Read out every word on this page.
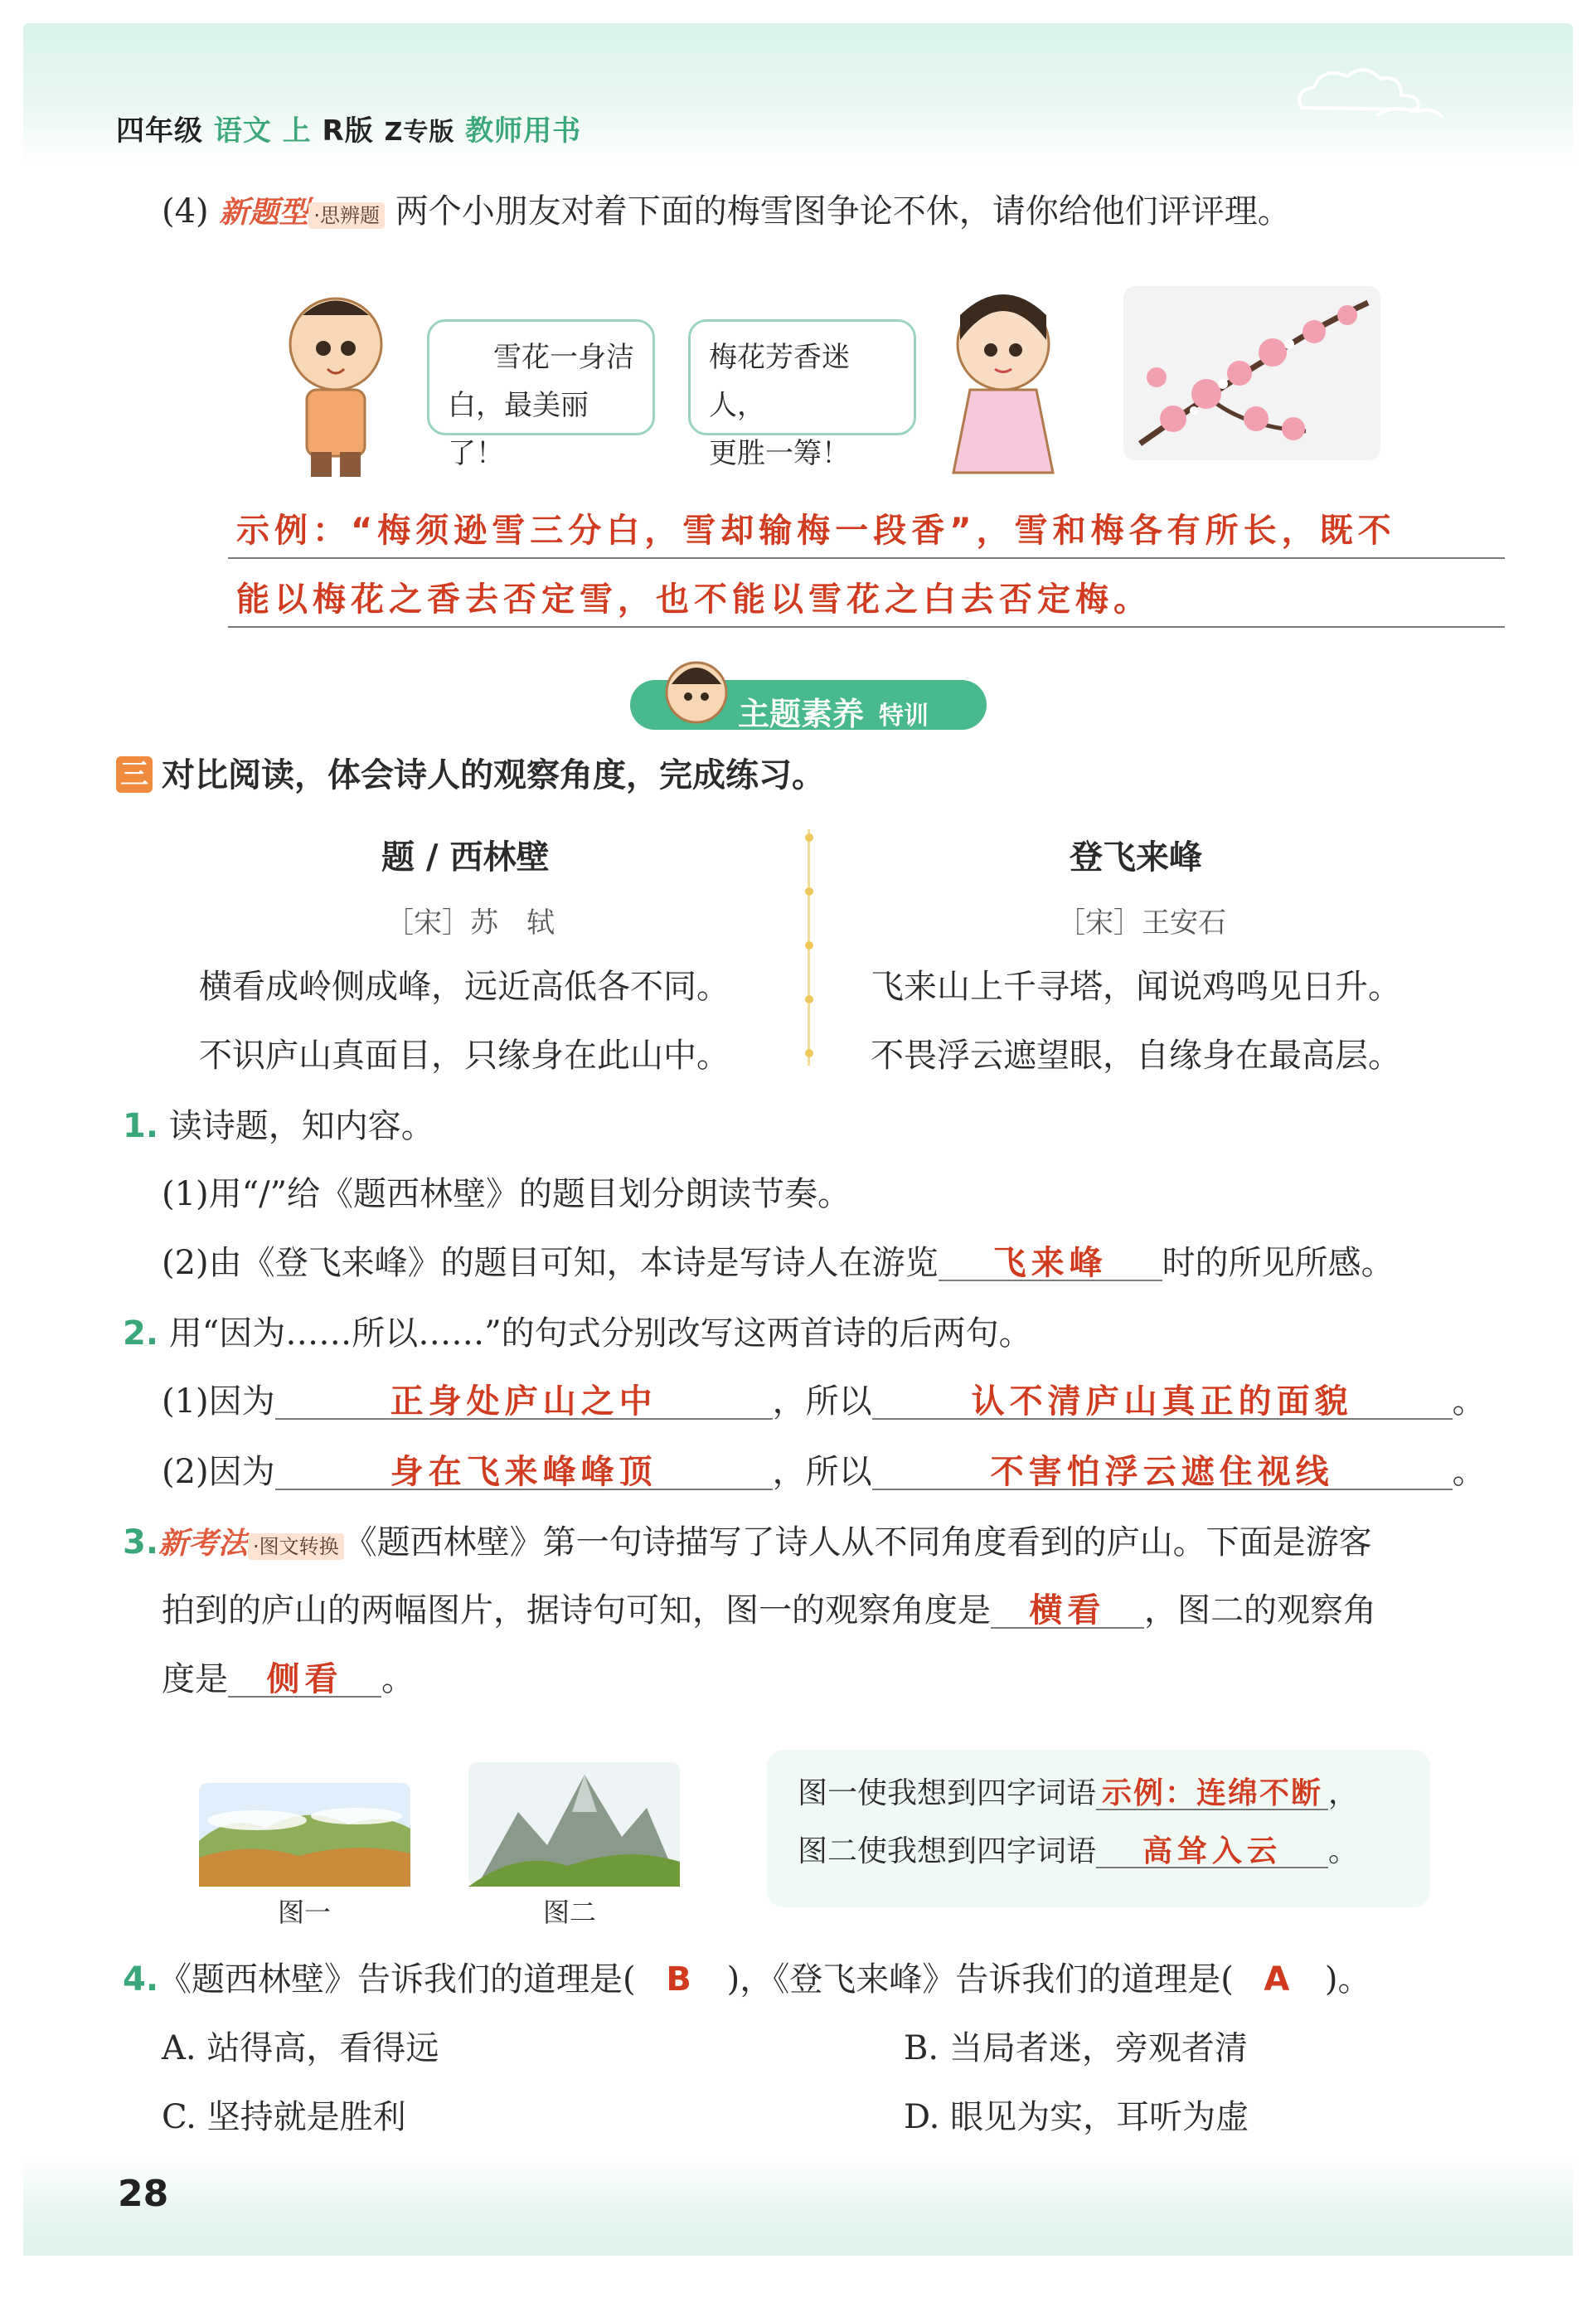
四年级 语文 上 R版 Z专版 教师用书
(4) 新题型 ·思辨题 两个小朋友对着下面的梅雪图争论不休，请你给他们评评理。
雪花一身洁
白，最美丽了！
梅花芳香迷人，
更胜一筹！
示例：“梅须逊雪三分白，雪却输梅一段香”，雪和梅各有所长，既不
能以梅花之香去否定雪，也不能以雪花之白去否定梅。
主题素养 特训
三 对比阅读，体会诗人的观察角度，完成练习。
题 / 西林壁
［宋］苏　轼
横看成岭侧成峰，远近高低各不同。
不识庐山真面目，只缘身在此山中。
登飞来峰
［宋］王安石
飞来山上千寻塔，闻说鸡鸣见日升。
不畏浮云遮望眼，自缘身在最高层。
1. 读诗题，知内容。
(1)用“/”给《题西林壁》的题目划分朗读节奏。
(2)由《登飞来峰》的题目可知，本诗是写诗人在游览 飞来峰 时的所见所感。
2. 用“因为……所以……”的句式分别改写这两首诗的后两句。
(1)因为	正身处庐山之中	，所以	认不清庐山真正的面貌	。
(2)因为	身在飞来峰峰顶	，所以	不害怕浮云遮住视线	。
3.新考法 ·图文转换 《题西林壁》第一句诗描写了诗人从不同角度看到的庐山。下面是游客
拍到的庐山的两幅图片，据诗句可知，图一的观察角度是 横看 ，图二的观察角
度是 侧看 。
图一	图二
图一使我想到四字词语 示例：连绵不断 ，
图二使我想到四字词语 高耸入云 。
4.《题西林壁》告诉我们的道理是( B )，《登飞来峰》告诉我们的道理是( A )。
A. 站得高，看得远	B. 当局者迷，旁观者清
C. 坚持就是胜利	D. 眼见为实，耳听为虚
28
